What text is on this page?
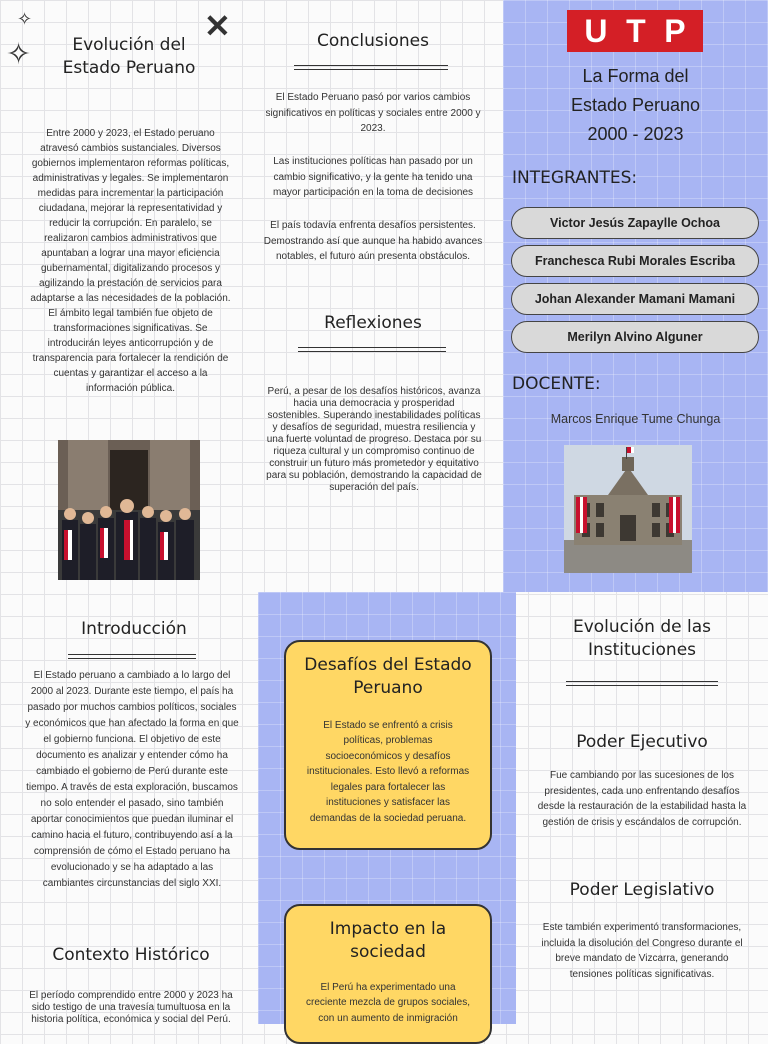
✧
✧	Evolución del
Estado Peruano
Entre 2000 y 2023, el Estado peruano atravesó cambios sustanciales. Diversos gobiernos implementaron reformas políticas, administrativas y legales. Se implementaron medidas para incrementar la participación ciudadana, mejorar la representatividad y reducir la corrupción. En paralelo, se realizaron cambios administrativos que apuntaban a lograr una mayor eficiencia gubernamental, digitalizando procesos y agilizando la prestación de servicios para adaptarse a las necesidades de la población. El ámbito legal también fue objeto de transformaciones significativas. Se introducirán leyes anticorrupción y de transparencia para fortalecer la rendición de cuentas y garantizar el acceso a la información pública.
✕	Conclusiones
El Estado Peruano pasó por varios cambios significativos en políticas y sociales entre 2000 y 2023.
Las instituciones políticas han pasado por un cambio significativo, y la gente ha tenido una mayor participación en la toma de decisiones
El país todavía enfrenta desafíos persistentes. Demostrando así que aunque ha habido avances notables, el futuro aún presenta obstáculos.
Reflexiones
Perú, a pesar de los desafíos históricos, avanza hacia una democracia y prosperidad sostenibles. Superando inestabilidades políticas y desafíos de seguridad, muestra resiliencia y una fuerte voluntad de progreso. Destaca por su riqueza cultural y un compromiso continuo de construir un futuro más prometedor y equitativo para su población, demostrando la capacidad de superación del país.
U T P
La Forma del
Estado Peruano
2000 - 2023
INTEGRANTES:
Victor Jesús Zapaylle Ochoa
Franchesca Rubi Morales Escriba
Johan Alexander Mamani Mamani
Merilyn Alvino Alguner
DOCENTE:
Marcos Enrique Tume Chunga
Introducción
El Estado peruano a cambiado a lo largo del 2000 al 2023. Durante este tiempo, el país ha pasado por muchos cambios políticos, sociales y económicos que han afectado la forma en que el gobierno funciona. El objetivo de este documento es analizar y entender cómo ha cambiado el gobierno de Perú durante este tiempo. A través de esta exploración, buscamos no solo entender el pasado, sino también aportar conocimientos que puedan iluminar el camino hacia el futuro, contribuyendo así a la comprensión de cómo el Estado peruano ha evolucionado y se ha adaptado a las cambiantes circunstancias del siglo XXI.
Contexto Histórico
El período comprendido entre 2000 y 2023 ha sido testigo de una travesía tumultuosa en la historia política, económica y social del Perú.
Desafíos del Estado Peruano
El Estado se enfrentó a crisis políticas, problemas socioeconómicos y desafíos institucionales. Esto llevó a reformas legales para fortalecer las instituciones y satisfacer las demandas de la sociedad peruana.
Impacto en la sociedad
El Perú ha experimentado una creciente mezcla de grupos sociales, con un aumento de inmigración
Evolución de las
Instituciones
Poder Ejecutivo
Fue cambiando por las sucesiones de los presidentes, cada uno enfrentando desafíos desde la restauración de la estabilidad hasta la gestión de crisis y escándalos de corrupción.
Poder Legislativo
Este también experimentó transformaciones, incluida la disolución del Congreso durante el breve mandato de Vizcarra, generando tensiones políticas significativas.
